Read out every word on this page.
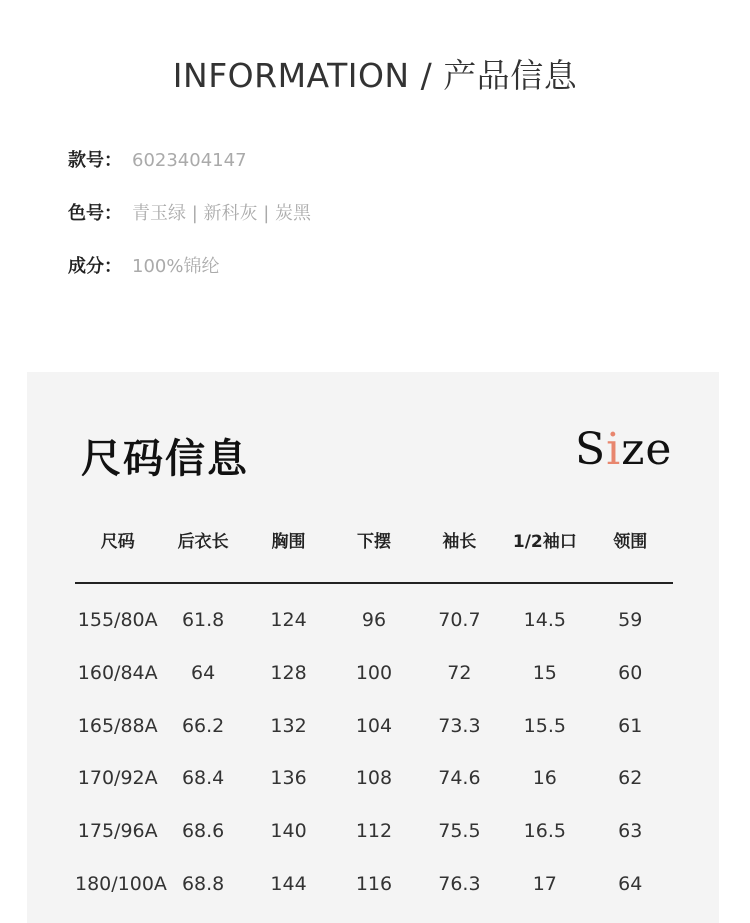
INFORMATION / 产品信息
款号： 6023404147
色号： 青玉绿 | 新科灰 | 炭黑
成分： 100%锦纶
尺码信息	Size
尺码	后衣长	胸围	下摆	袖长	1/2袖口	领围
155/80A	61.8	124	96	70.7	14.5	59
160/84A	64	128	100	72	15	60
165/88A	66.2	132	104	73.3	15.5	61
170/92A	68.4	136	108	74.6	16	62
175/96A	68.6	140	112	75.5	16.5	63
180/100A	68.8	144	116	76.3	17	64
